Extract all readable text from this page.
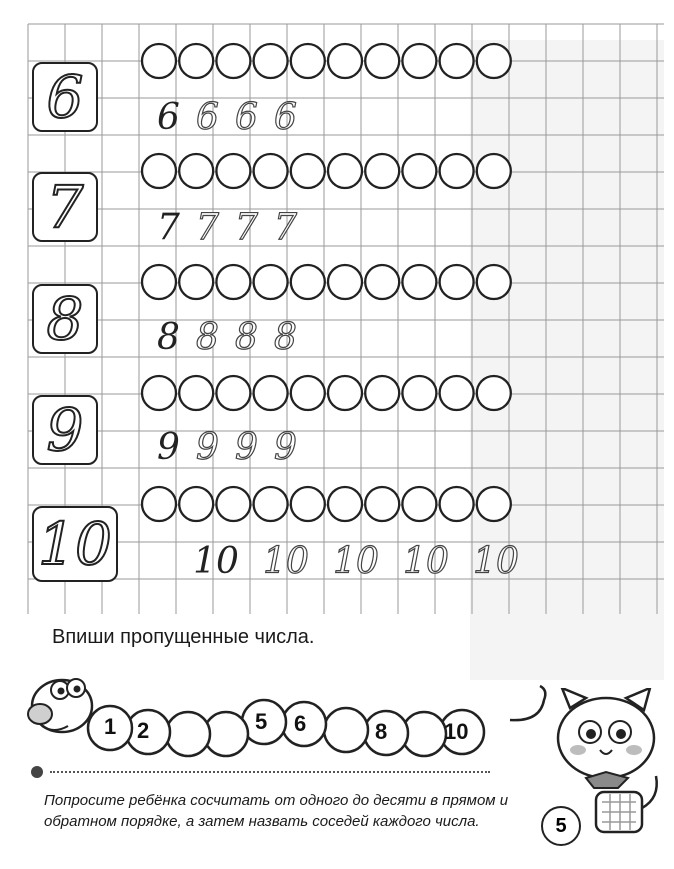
6
7
8
9
10
6 6 6 6
7 7 7 7
8 8 8 8
9 9 9 9
10 10 10 10 10
Впиши пропущенные числа.
1 2	5 6	8	10
Попросите ребёнка сосчитать от одного до десяти в прямом и обратном порядке, а затем назвать соседей каждого числа.	5
